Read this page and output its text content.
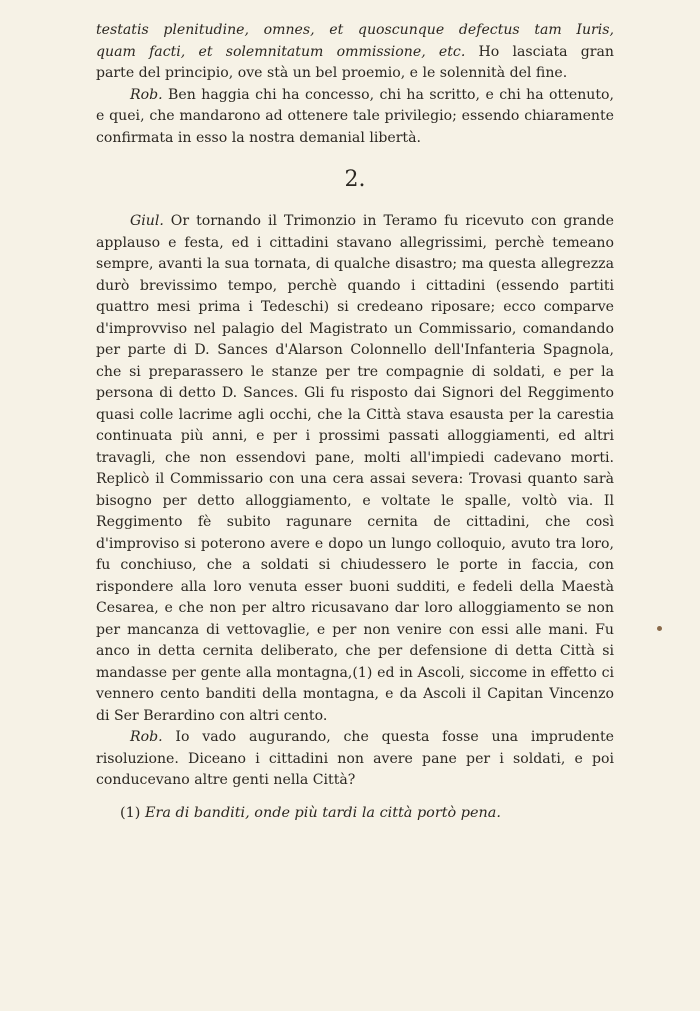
testatis plenitudine, omnes, et quoscunque defectus tam Iuris,
quam facti, et solemnitatum ommissione, etc. Ho lasciata gran

parte del principio, ove stà un bel proemio, e le solennità del fine.

Rob. Ben haggia chi ha concesso, chi ha scritto, e chi ha ottenuto, e quei, che mandarono ad ottenere tale privilegio; essendo chiaramente confirmata in esso la nostra demanial libertà.

2.

Giul. Or tornando il Trimonzio in Teramo fu ricevuto con grande applauso e festa, ed i cittadini stavano allegrissimi, perchè temeano sempre, avanti la sua tornata, di qualche disastro; ma questa allegrezza durò brevissimo tempo, perchè quando i cittadini (essendo partiti quattro mesi prima i Tedeschi) si credeano riposare; ecco comparve d'improvviso nel palagio del Magistrato un Commissario, comandando per parte di D. Sances d'Alarson Colonnello dell'Infanteria Spagnola, che si preparassero le stanze per tre compagnie di soldati, e per la persona di detto D. Sances. Gli fu risposto dai Signori del Reggimento quasi colle lacrime agli occhi, che la Città stava esausta per la carestia continuata più anni, e per i prossimi passati alloggiamenti, ed altri travagli, che non essendovi pane, molti all'impiedi cadevano morti. Replicò il Commissario con una cera assai severa: Trovasi quanto sarà bisogno per detto alloggiamento, e voltate le spalle, voltò via. Il Reggimento fè subito ragunare cernita de cittadini, che così d'improviso si poterono avere e dopo un lungo colloquio, avuto tra loro, fu conchiuso, che a soldati si chiudessero le porte in faccia, con rispondere alla loro venuta esser buoni sudditi, e fedeli della Maestà Cesarea, e che non per altro ricusavano dar loro alloggiamento se non per mancanza di vettovaglie, e per non venire con essi alle mani. Fu anco in detta cernita deliberato, che per defensione di detta Città si mandasse per gente alla montagna,(1) ed in Ascoli, siccome in effetto ci vennero cento banditi della montagna, e da Ascoli il Capitan Vincenzo di Ser Berardino con altri cento.

Rob. Io vado augurando, che questa fosse una imprudente risoluzione. Diceano i cittadini non avere pane per i soldati, e poi conducevano altre genti nella Città?

(1) Era di banditi, onde più tardi la città portò pena.
